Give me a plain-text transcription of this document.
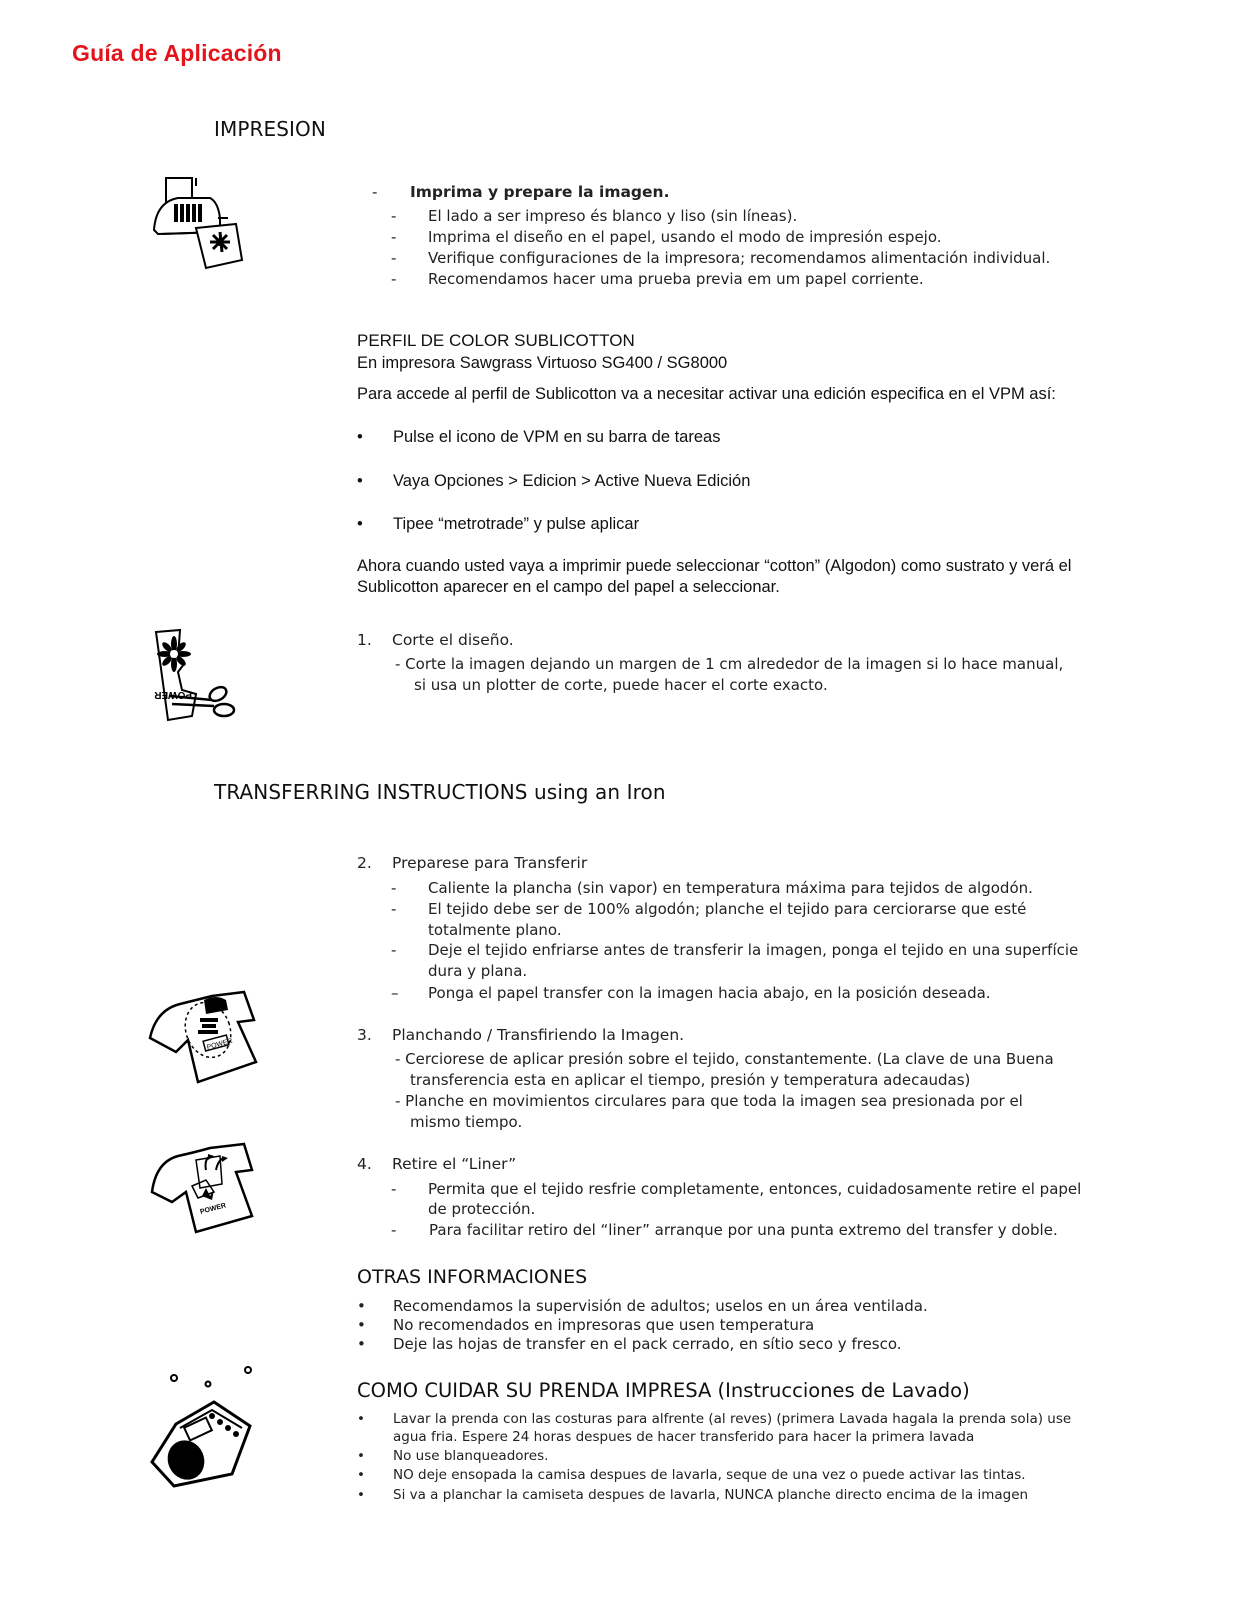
Guía de Aplicación
IMPRESION
-	Imprima y prepare la imagen.
-	El lado a ser impreso és blanco y liso (sin líneas).
-	Imprima el diseño en el papel, usando el modo de impresión espejo.
-	Verifique configuraciones de la impresora; recomendamos alimentación individual.
-	Recomendamos hacer uma prueba previa em um papel corriente.
PERFIL DE COLOR SUBLICOTTON
En impresora Sawgrass Virtuoso SG400 / SG8000
Para accede al perfil de Sublicotton va a necesitar activar una edición especifica en el VPM así:
•	Pulse el icono de VPM en su barra de tareas
•	Vaya Opciones > Edicion > Active Nueva Edición
•	Tipee “metrotrade” y pulse aplicar
Ahora cuando usted vaya a imprimir puede seleccionar “cotton” (Algodon) como sustrato y verá el
Sublicotton aparecer en el campo del papel a seleccionar.
POWER
1.	Corte el diseño.
- Corte la imagen dejando un margen de 1 cm alrededor de la imagen si lo hace manual,
si usa un plotter de corte, puede hacer el corte exacto.
TRANSFERRING INSTRUCTIONS using an Iron
2.	Preparese para Transferir
-	Caliente la plancha (sin vapor) en temperatura máxima para tejidos de algodón.
-	El tejido debe ser de 100% algodón; planche el tejido para cerciorarse que esté
totalmente plano.
-	Deje el tejido enfriarse antes de transferir la imagen, ponga el tejido en una superfície
dura y plana.
–	Ponga el papel transfer con la imagen hacia abajo, en la posición deseada.
POWER
3.	Planchando / Transfiriendo la Imagen.
- Cerciorese de aplicar presión sobre el tejido, constantemente. (La clave de una Buena
transferencia esta en aplicar el tiempo, presión y temperatura adecaudas)
- Planche en movimientos circulares para que toda la imagen sea presionada por el
mismo tiempo.
POWER
4.	Retire el “Liner”
-	Permita que el tejido resfrie completamente, entonces, cuidadosamente retire el papel
de protección.
-	Para facilitar retiro del “liner” arranque por una punta extremo del transfer y doble.
OTRAS INFORMACIONES
•	Recomendamos la supervisión de adultos; uselos en un área ventilada.
•	No recomendados en impresoras que usen temperatura
•	Deje las hojas de transfer en el pack cerrado, en sítio seco y fresco.
COMO CUIDAR SU PRENDA IMPRESA (Instrucciones de Lavado)
•	Lavar la prenda con las costuras para alfrente (al reves) (primera Lavada hagala la prenda sola) use
agua fria. Espere 24 horas despues de hacer transferido para hacer la primera lavada
•	No use blanqueadores.
•	NO deje ensopada la camisa despues de lavarla, seque de una vez o puede activar las tintas.
•	Si va a planchar la camiseta despues de lavarla, NUNCA planche directo encima de la imagen
